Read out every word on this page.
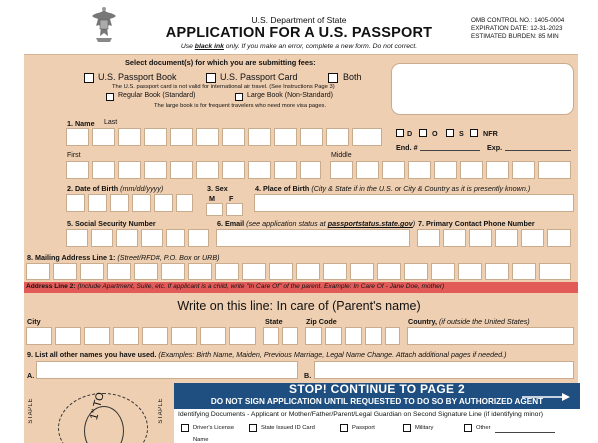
U.S. Department of State
APPLICATION FOR A U.S. PASSPORT
Use black ink only. If you make an error, complete a new form. Do not correct.
OMB CONTROL NO.: 1405-0004
EXPIRATION DATE: 12-31-2023
ESTIMATED BURDEN: 85 MIN
Select document(s) for which you are submitting fees:
U.S. Passport Book	U.S. Passport Card	Both
The U.S. passport card is not valid for international air travel. (See Instructions Page 3)
Regular Book (Standard)	Large Book (Non-Standard)
The large book is for frequent travelers who need more visa pages.
1. Name Last
D	O	S	NFR
End. #	Exp.
First	Middle
2. Date of Birth (mm/dd/yyyy)	3. Sex
M F
4. Place of Birth (City & State if in the U.S. or City & Country as it is presently known.)
5. Social Security Number	6. Email (see application status at passportstatus.state.gov) 7. Primary Contact Phone Number
8. Mailing Address Line 1: (Street/RFD#, P.O. Box or URB)
Address Line 2: (Include Apartment, Suite, etc. If applicant is a child, write "In Care Of" of the parent. Example: In Care Of - Jane Doe, mother)
Write on this line: In care of (Parent's name)
City	State	Zip Code	Country, (if outside the United States)
9. List all other names you have used. (Examples: Birth Name, Maiden, Previous Marriage, Legal Name Change. Attach additional pages if needed.)
A.	B.
STAPLE	STAPLE
1" TO
STOP! CONTINUE TO PAGE 2
DO NOT SIGN APPLICATION UNTIL REQUESTED TO DO SO BY AUTHORIZED AGENT
Identifying Documents - Applicant or Mother/Father/Parent/Legal Guardian on Second Signature Line (if identifying minor)
Driver's License	State Issued ID Card	Passport	Military	Other
Name
